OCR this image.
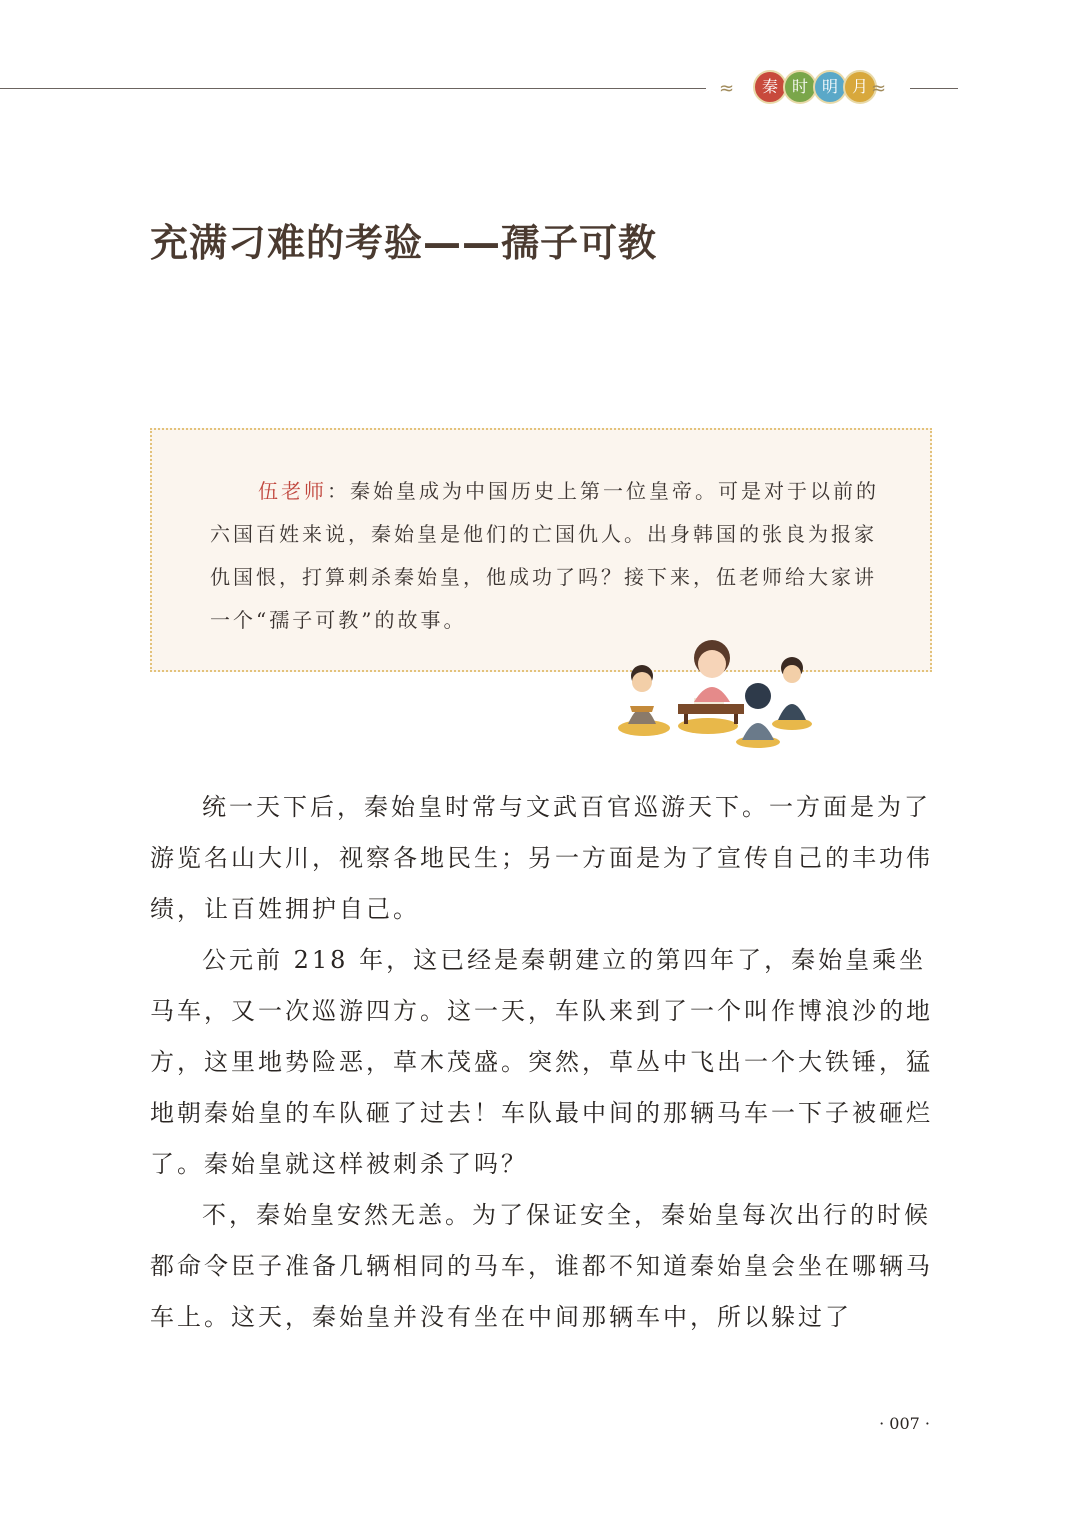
≈	秦 时 明 月 ≈
充满刁难的考验——孺子可教
伍老师：秦始皇成为中国历史上第一位皇帝。可是对于以前的六国百姓来说，秦始皇是他们的亡国仇人。出身韩国的张良为报家仇国恨，打算刺杀秦始皇，他成功了吗？接下来，伍老师给大家讲一个“孺子可教”的故事。

统一天下后，秦始皇时常与文武百官巡游天下。一方面是为了游览名山大川，视察各地民生；另一方面是为了宣传自己的丰功伟绩，让百姓拥护自己。

公元前 218 年，这已经是秦朝建立的第四年了，秦始皇乘坐马车，又一次巡游四方。这一天，车队来到了一个叫作博浪沙的地方，这里地势险恶，草木茂盛。突然，草丛中飞出一个大铁锤，猛地朝秦始皇的车队砸了过去！车队最中间的那辆马车一下子被砸烂了。秦始皇就这样被刺杀了吗？

不，秦始皇安然无恙。为了保证安全，秦始皇每次出行的时候都命令臣子准备几辆相同的马车，谁都不知道秦始皇会坐在哪辆马车上。这天，秦始皇并没有坐在中间那辆车中，所以躲过了

· 007 ·
